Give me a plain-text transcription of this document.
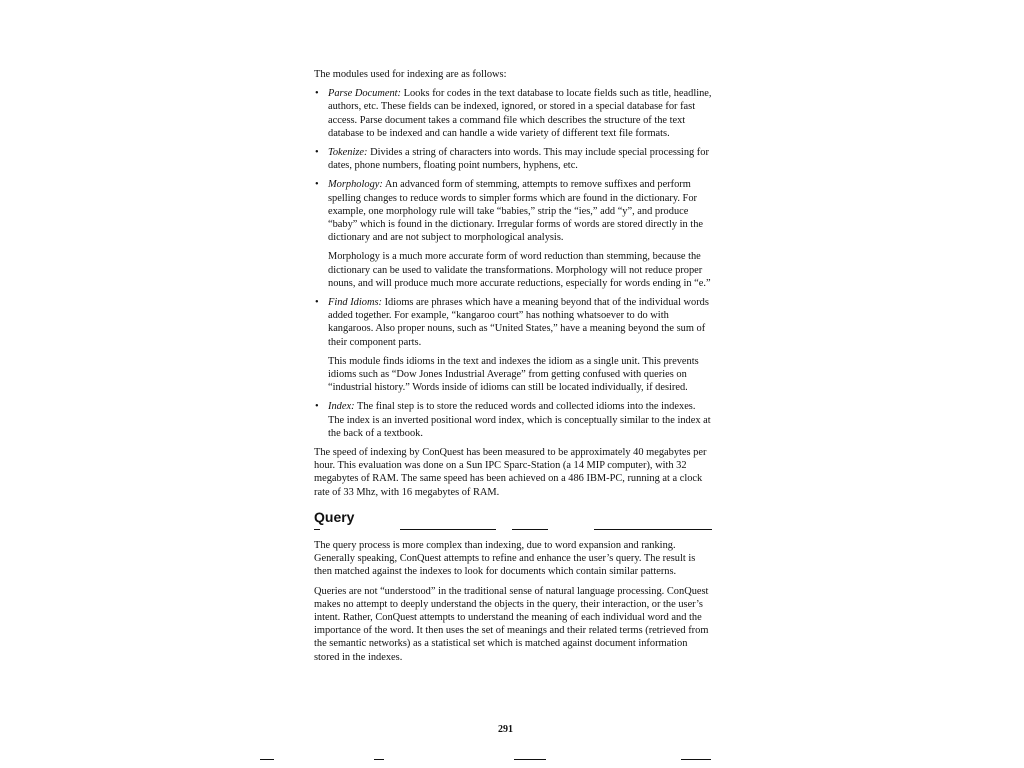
The modules used for indexing are as follows:

• Parse Document: Looks for codes in the text database to locate fields such as title, headline, authors, etc. These fields can be indexed, ignored, or stored in a special database for fast access. Parse document takes a command file which describes the structure of the text database to be indexed and can handle a wide variety of different text file formats.
• Tokenize: Divides a string of characters into words. This may include special processing for dates, phone numbers, floating point numbers, hyphens, etc.
• Morphology: An advanced form of stemming, attempts to remove suffixes and perform spelling changes to reduce words to simpler forms which are found in the dictionary. For example, one morphology rule will take “babies,” strip the “ies,” add “y”, and produce “baby” which is found in the dictionary. Irregular forms of words are stored directly in the dictionary and are not subject to morphological analysis.

Morphology is a much more accurate form of word reduction than stemming, because the dictionary can be used to validate the transformations. Morphology will not reduce proper nouns, and will produce much more accurate reductions, especially for words ending in “e.”

• Find Idioms: Idioms are phrases which have a meaning beyond that of the individual words added together. For example, “kangaroo court” has nothing whatsoever to do with kangaroos. Also proper nouns, such as “United States,” have a meaning beyond the sum of their component parts.

This module finds idioms in the text and indexes the idiom as a single unit. This prevents idioms such as “Dow Jones Industrial Average” from getting confused with queries on “industrial history.” Words inside of idioms can still be located individually, if desired.

• Index: The final step is to store the reduced words and collected idioms into the indexes. The index is an inverted positional word index, which is conceptually similar to the index at the back of a textbook.

The speed of indexing by ConQuest has been measured to be approximately 40 megabytes per hour. This evaluation was done on a Sun IPC Sparc-Station (a 14 MIP computer), with 32 megabytes of RAM. The same speed has been achieved on a 486 IBM-PC, running at a clock rate of 33 Mhz, with 16 megabytes of RAM.

Query

The query process is more complex than indexing, due to word expansion and ranking. Generally speaking, ConQuest attempts to refine and enhance the user’s query. The result is then matched against the indexes to look for documents which contain similar patterns.

Queries are not “understood” in the traditional sense of natural language processing. ConQuest makes no attempt to deeply understand the objects in the query, their interaction, or the user’s intent. Rather, ConQuest attempts to understand the meaning of each individual word and the importance of the word. It then uses the set of meanings and their related terms (retrieved from the semantic networks) as a statistical set which is matched against document information stored in the indexes.

291
